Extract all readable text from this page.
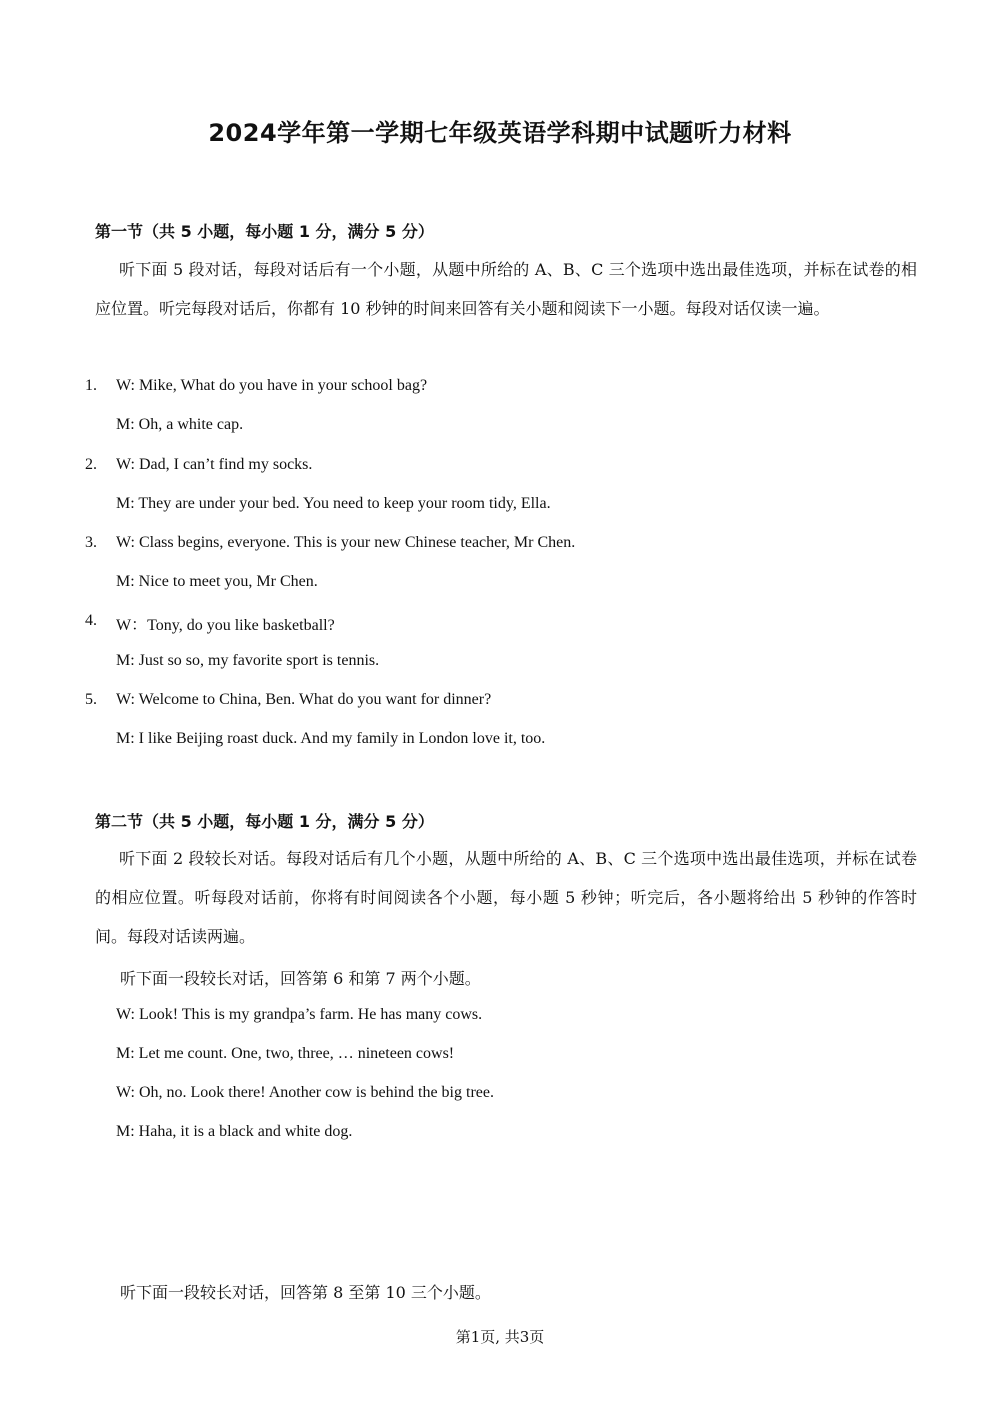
2024学年第一学期七年级英语学科期中试题听力材料
第一节（共 5 小题，每小题 1 分，满分 5 分）
听下面 5 段对话，每段对话后有一个小题，从题中所给的 A、B、C 三个选项中选出最佳选项，并标在试卷的相应位置。听完每段对话后，你都有 10 秒钟的时间来回答有关小题和阅读下一小题。每段对话仅读一遍。
1. W: Mike, What do you have in your school bag?
M: Oh, a white cap.
2. W: Dad, I can’t find my socks.
M: They are under your bed. You need to keep your room tidy, Ella.
3. W: Class begins, everyone. This is your new Chinese teacher, Mr Chen.
M: Nice to meet you, Mr Chen.
4. W：Tony, do you like basketball?
M: Just so so, my favorite sport is tennis.
5. W: Welcome to China, Ben. What do you want for dinner?
M: I like Beijing roast duck. And my family in London love it, too.
第二节（共 5 小题，每小题 1 分，满分 5 分）
听下面 2 段较长对话。每段对话后有几个小题，从题中所给的 A、B、C 三个选项中选出最佳选项，并标在试卷的相应位置。听每段对话前，你将有时间阅读各个小题，每小题 5 秒钟；听完后，各小题将给出 5 秒钟的作答时间。每段对话读两遍。
听下面一段较长对话，回答第 6 和第 7 两个小题。
W: Look! This is my grandpa’s farm. He has many cows.
M: Let me count. One, two, three, … nineteen cows!
W: Oh, no. Look there! Another cow is behind the big tree.
M: Haha, it is a black and white dog.
听下面一段较长对话，回答第 8 至第 10 三个小题。
第1页, 共3页
